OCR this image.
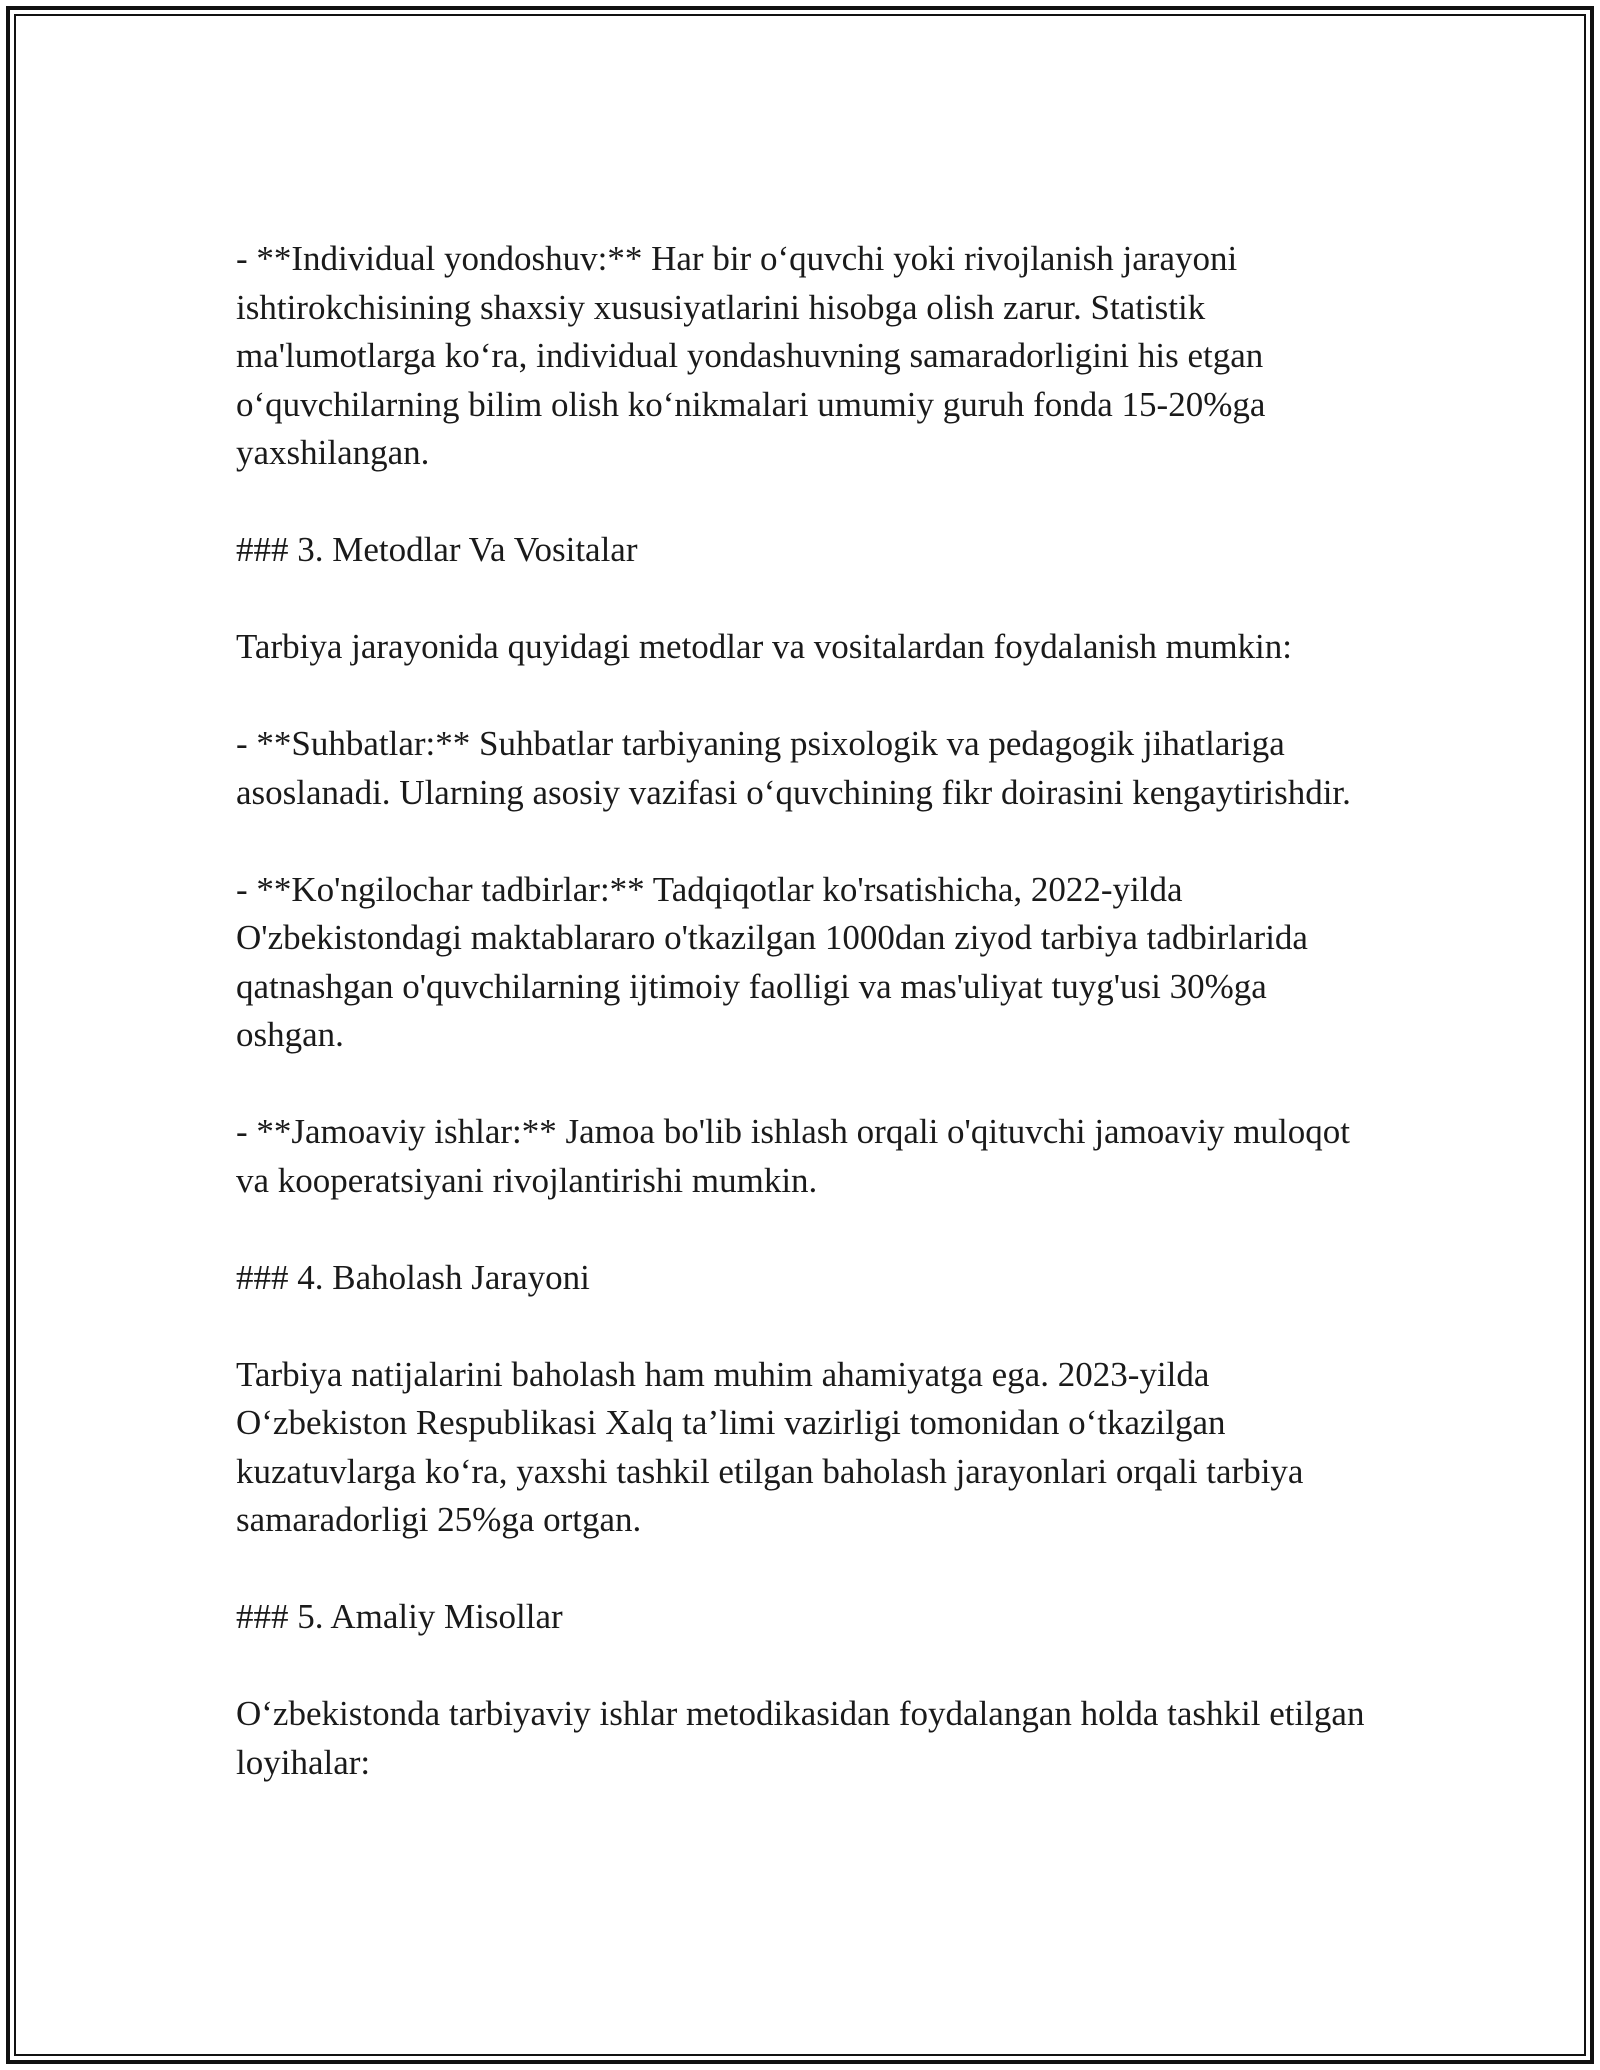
- **Individual yondoshuv:** Har bir o‘quvchi yoki rivojlanish jarayoni ishtirokchisining shaxsiy xususiyatlarini hisobga olish zarur. Statistik ma'lumotlarga ko‘ra, individual yondashuvning samaradorligini his etgan o‘quvchilarning bilim olish ko‘nikmalari umumiy guruh fonda 15-20%ga yaxshilangan.

### 3. Metodlar Va Vositalar

Tarbiya jarayonida quyidagi metodlar va vositalardan foydalanish mumkin:

- **Suhbatlar:** Suhbatlar tarbiyaning psixologik va pedagogik jihatlariga asoslanadi. Ularning asosiy vazifasi o‘quvchining fikr doirasini kengaytirishdir.

- **Ko'ngilochar tadbirlar:** Tadqiqotlar ko'rsatishicha, 2022-yilda O'zbekistondagi maktablararo o'tkazilgan 1000dan ziyod tarbiya tadbirlarida qatnashgan o'quvchilarning ijtimoiy faolligi va mas'uliyat tuyg'usi 30%ga oshgan.

- **Jamoaviy ishlar:** Jamoa bo'lib ishlash orqali o'qituvchi jamoaviy muloqot va kooperatsiyani rivojlantirishi mumkin.

### 4. Baholash Jarayoni

Tarbiya natijalarini baholash ham muhim ahamiyatga ega. 2023-yilda O‘zbekiston Respublikasi Xalq ta’limi vazirligi tomonidan o‘tkazilgan kuzatuvlarga ko‘ra, yaxshi tashkil etilgan baholash jarayonlari orqali tarbiya samaradorligi 25%ga ortgan.

### 5. Amaliy Misollar

O‘zbekistonda tarbiyaviy ishlar metodikasidan foydalangan holda tashkil etilgan loyihalar:
